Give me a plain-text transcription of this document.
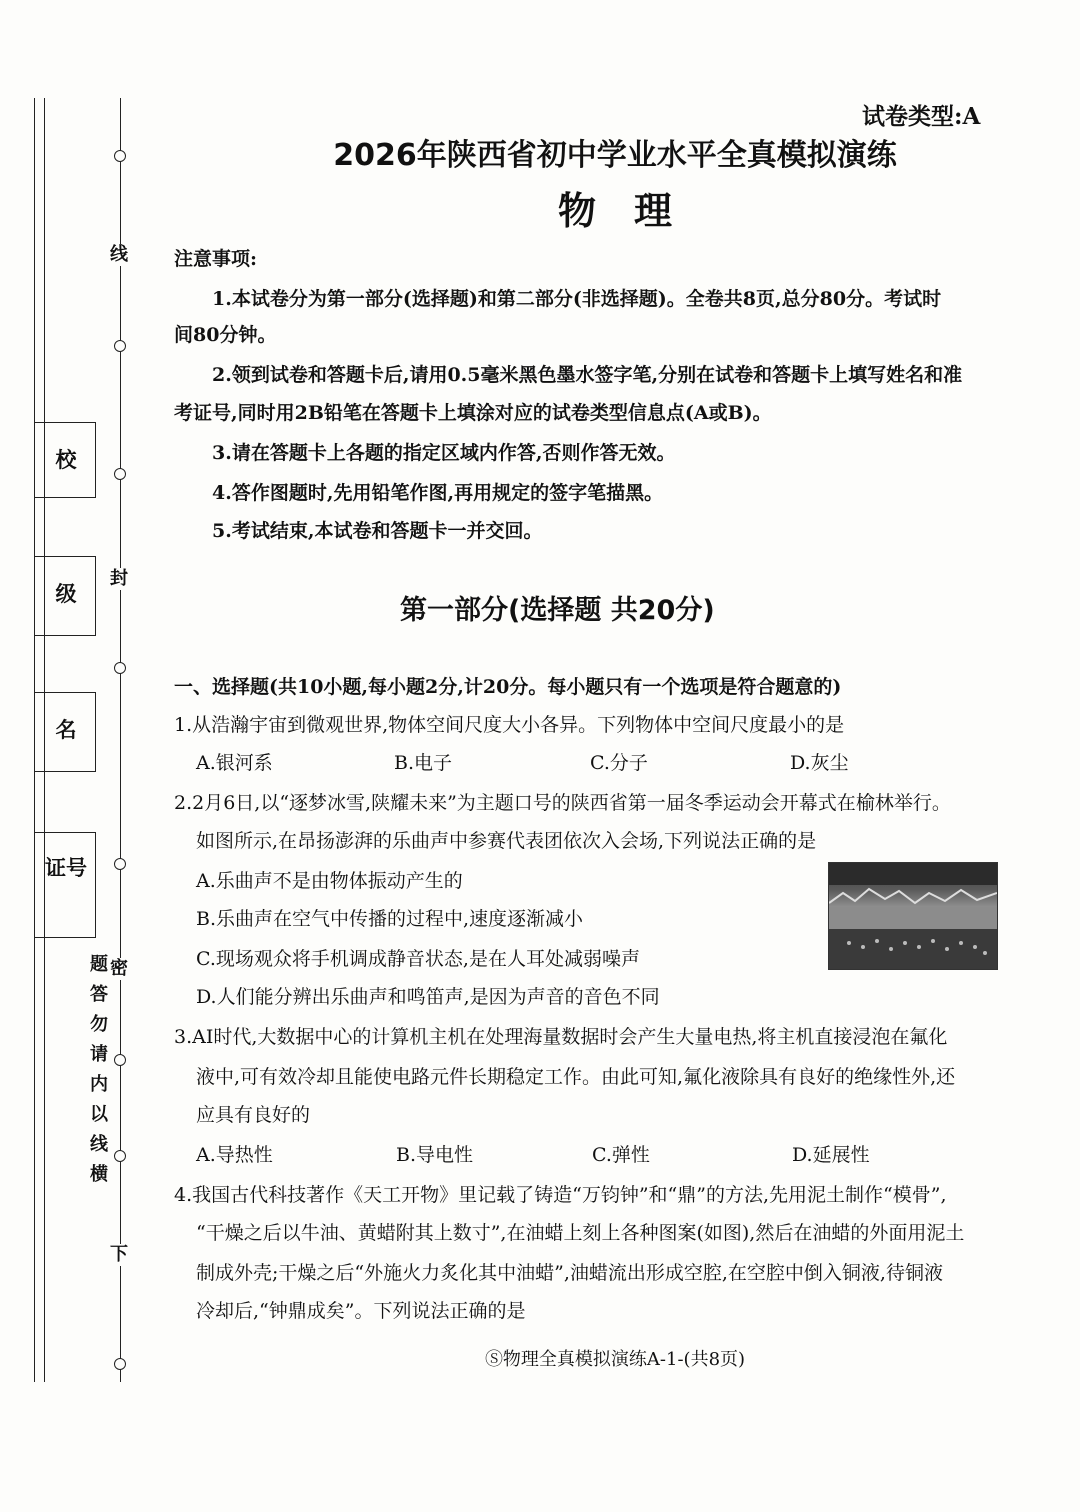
线
封
密
校
级
名
证号
题
答
勿
请
内
以
线
横
下
试卷类型:A
2026年陕西省初中学业水平全真模拟演练
物理
注意事项:
1.本试卷分为第一部分(选择题)和第二部分(非选择题)。全卷共8页,总分80分。考试时
间80分钟。
2.领到试卷和答题卡后,请用0.5毫米黑色墨水签字笔,分别在试卷和答题卡上填写姓名和准
考证号,同时用2B铅笔在答题卡上填涂对应的试卷类型信息点(A或B)。
3.请在答题卡上各题的指定区域内作答,否则作答无效。
4.答作图题时,先用铅笔作图,再用规定的签字笔描黑。
5.考试结束,本试卷和答题卡一并交回。
第一部分(选择题 共20分)
一、选择题(共10小题,每小题2分,计20分。每小题只有一个选项是符合题意的)
1.从浩瀚宇宙到微观世界,物体空间尺度大小各异。下列物体中空间尺度最小的是
A.银河系	B.电子	C.分子	D.灰尘
2.2月6日,以“逐梦冰雪,陕耀未来”为主题口号的陕西省第一届冬季运动会开幕式在榆林举行。
如图所示,在昂扬澎湃的乐曲声中参赛代表团依次入会场,下列说法正确的是
A.乐曲声不是由物体振动产生的
B.乐曲声在空气中传播的过程中,速度逐渐减小
C.现场观众将手机调成静音状态,是在人耳处减弱噪声
D.人们能分辨出乐曲声和鸣笛声,是因为声音的音色不同
3.AI时代,大数据中心的计算机主机在处理海量数据时会产生大量电热,将主机直接浸泡在氟化
液中,可有效冷却且能使电路元件长期稳定工作。由此可知,氟化液除具有良好的绝缘性外,还
应具有良好的
A.导热性	B.导电性	C.弹性	D.延展性
4.我国古代科技著作《天工开物》里记载了铸造“万钧钟”和“鼎”的方法,先用泥土制作“模骨”,
“干燥之后以牛油、黄蜡附其上数寸”,在油蜡上刻上各种图案(如图),然后在油蜡的外面用泥土
制成外壳;干燥之后“外施火力炙化其中油蜡”,油蜡流出形成空腔,在空腔中倒入铜液,待铜液
冷却后,“钟鼎成矣”。下列说法正确的是
Ⓢ物理全真模拟演练A-1-(共8页)
